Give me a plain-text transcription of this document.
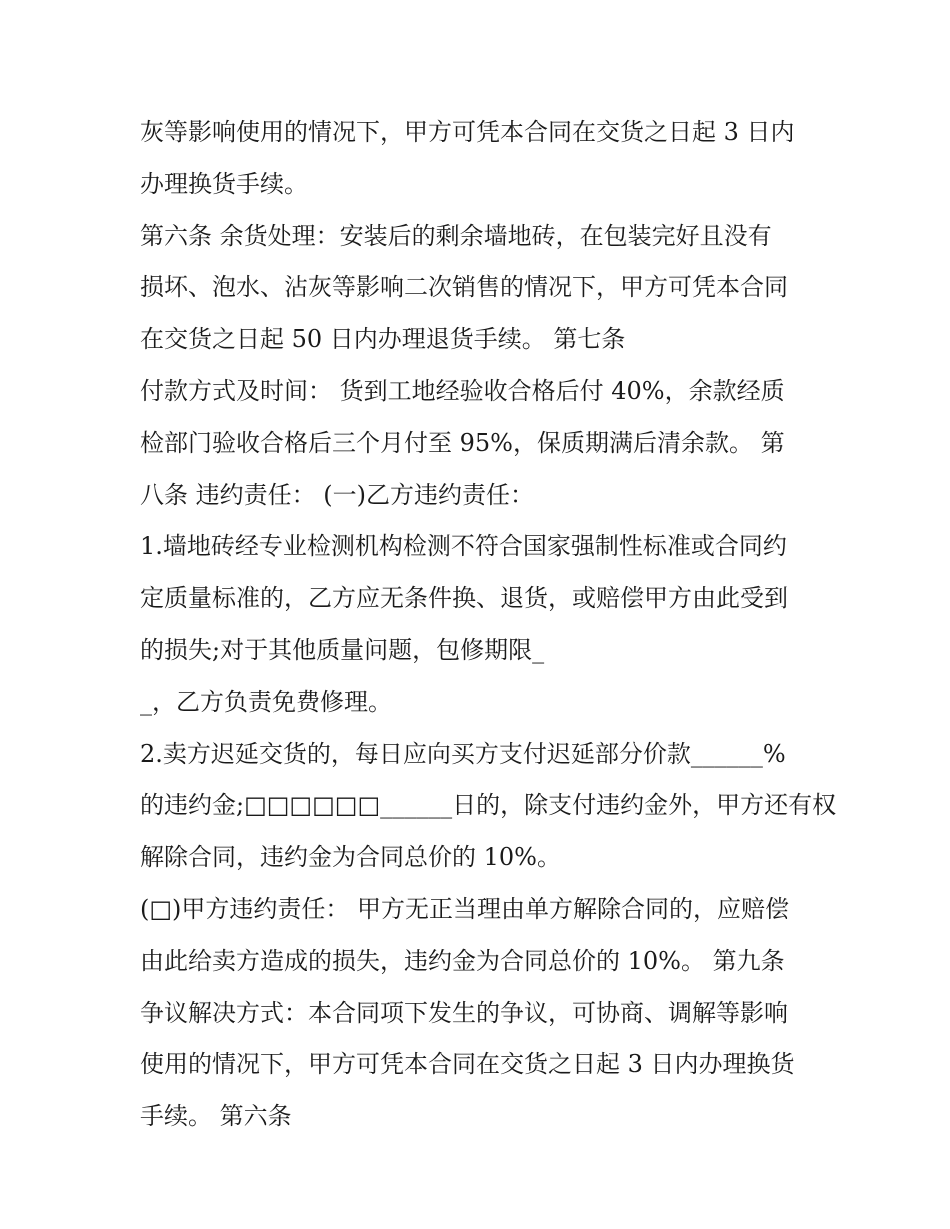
灰等影响使用的情况下，甲方可凭本合同在交货之日起 3 日内
办理换货手续。
第六条 余货处理：安装后的剩余墙地砖，在包装完好且没有
损坏、泡水、沾灰等影响二次销售的情况下，甲方可凭本合同
在交货之日起 50 日内办理退货手续。 第七条
付款方式及时间： 货到工地经验收合格后付 40%，余款经质
检部门验收合格后三个月付至 95%，保质期满后清余款。 第
八条 违约责任： (一)乙方违约责任：
1.墙地砖经专业检测机构检测不符合国家强制性标准或合同约
定质量标准的，乙方应无条件换、退货，或赔偿甲方由此受到
的损失;对于其他质量问题，包修期限_
_，乙方负责免费修理。
2.卖方迟延交货的，每日应向买方支付迟延部分价款______%
的违约金;□□□□□□______日的，除支付违约金外，甲方还有权
解除合同，违约金为合同总价的 10%。
(□)甲方违约责任： 甲方无正当理由单方解除合同的，应赔偿
由此给卖方造成的损失，违约金为合同总价的 10%。 第九条
争议解决方式：本合同项下发生的争议，可协商、调解等影响
使用的情况下，甲方可凭本合同在交货之日起 3 日内办理换货
手续。 第六条
